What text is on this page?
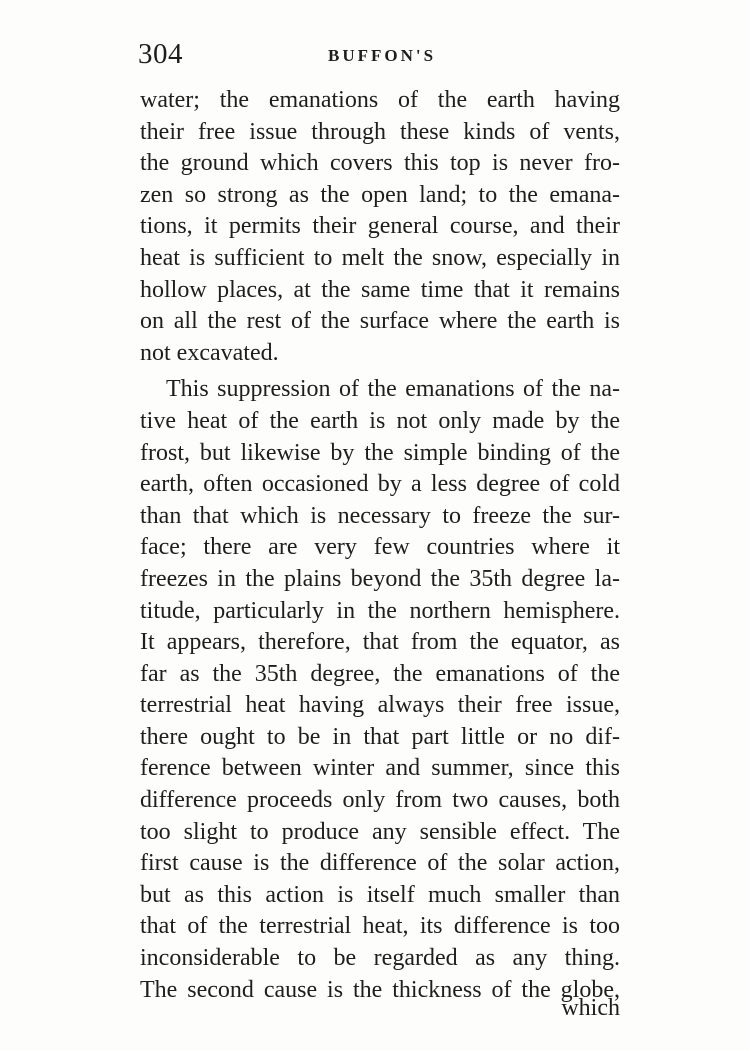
304	BUFFON'S
water; the emanations of the earth having
their free issue through these kinds of vents,
the ground which covers this top is never fro-
zen so strong as the open land; to the emana-
tions, it permits their general course, and their
heat is sufficient to melt the snow, especially in
hollow places, at the same time that it remains
on all the rest of the surface where the earth is
not excavated.
This suppression of the emanations of the na-
tive heat of the earth is not only made by the
frost, but likewise by the simple binding of the
earth, often occasioned by a less degree of cold
than that which is necessary to freeze the sur-
face; there are very few countries where it
freezes in the plains beyond the 35th degree la-
titude, particularly in the northern hemisphere.
It appears, therefore, that from the equator, as
far as the 35th degree, the emanations of the
terrestrial heat having always their free issue,
there ought to be in that part little or no dif-
ference between winter and summer, since this
difference proceeds only from two causes, both
too slight to produce any sensible effect. The
first cause is the difference of the solar action,
but as this action is itself much smaller than
that of the terrestrial heat, its difference is too
inconsiderable to be regarded as any thing.
The second cause is the thickness of the globe,
which
